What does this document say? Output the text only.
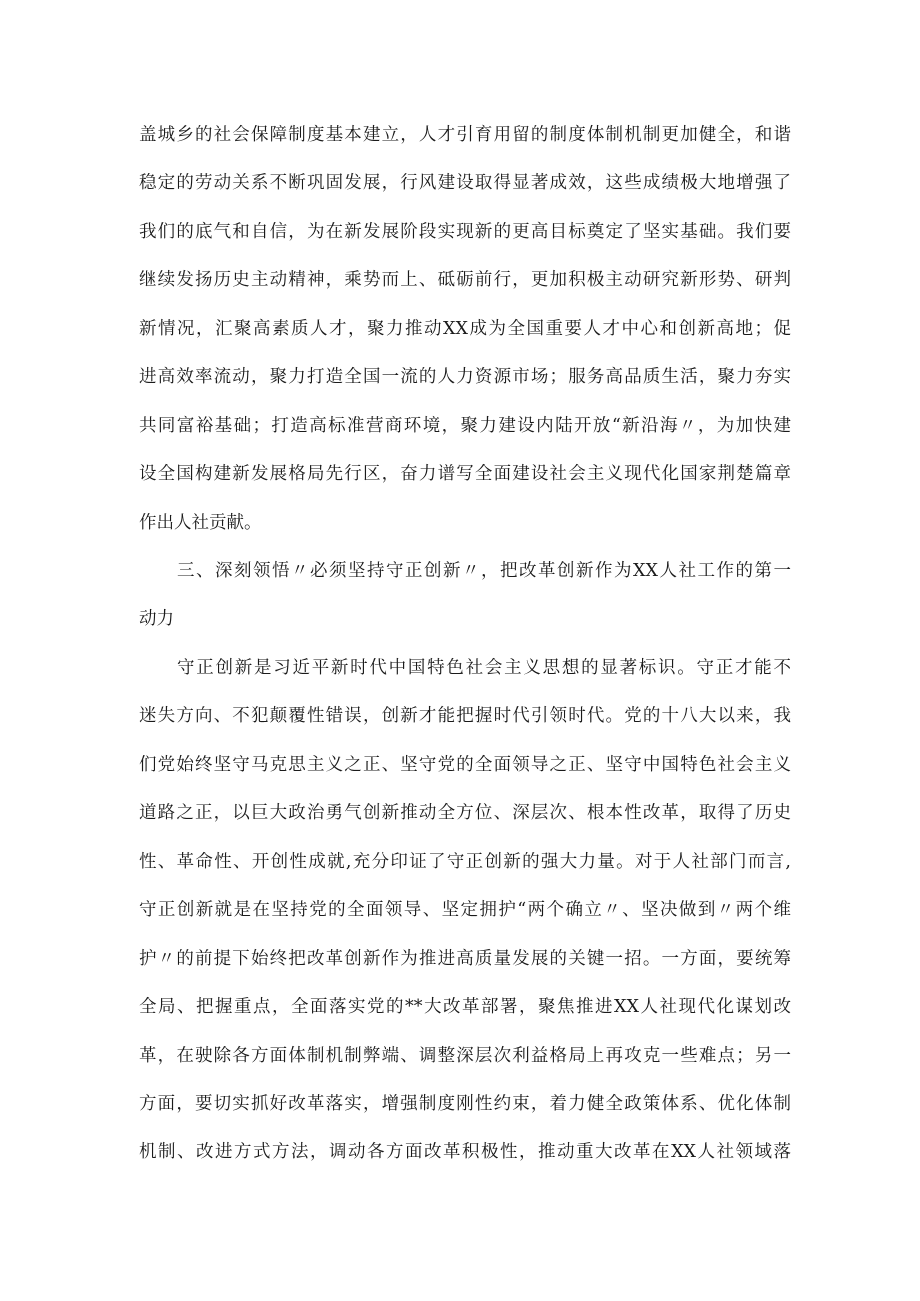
盖城乡的社会保障制度基本建立，人才引育用留的制度体制机制更加健全，和谐
稳定的劳动关系不断巩固发展，行风建设取得显著成效，这些成绩极大地增强了
我们的底气和自信，为在新发展阶段实现新的更高目标奠定了坚实基础。我们要
继续发扬历史主动精神，乘势而上、砥砺前行，更加积极主动研究新形势、研判
新情况，汇聚高素质人才，聚力推动XX成为全国重要人才中心和创新高地；促
进高效率流动，聚力打造全国一流的人力资源市场；服务高品质生活，聚力夯实
共同富裕基础；打造高标准营商环境，聚力建设内陆开放“新沿海〃，为加快建
设全国构建新发展格局先行区，奋力谱写全面建设社会主义现代化国家荆楚篇章
作出人社贡献。
三、深刻领悟〃必须坚持守正创新〃，把改革创新作为XX人社工作的第一
动力
守正创新是习近平新时代中国特色社会主义思想的显著标识。守正才能不
迷失方向、不犯颠覆性错误，创新才能把握时代引领时代。党的十八大以来，我
们党始终坚守马克思主义之正、坚守党的全面领导之正、坚守中国特色社会主义
道路之正，以巨大政治勇气创新推动全方位、深层次、根本性改革，取得了历史
性、革命性、开创性成就,充分印证了守正创新的强大力量。对于人社部门而言,
守正创新就是在坚持党的全面领导、坚定拥护“两个确立〃、坚决做到〃两个维
护〃的前提下始终把改革创新作为推进高质量发展的关键一招。一方面，要统筹
全局、把握重点，全面落实党的**大改革部署，聚焦推进XX人社现代化谋划改
革，在驶除各方面体制机制弊端、调整深层次利益格局上再攻克一些难点；另一
方面，要切实抓好改革落实，增强制度刚性约束，着力健全政策体系、优化体制
机制、改进方式方法，调动各方面改革积极性，推动重大改革在XX人社领域落
